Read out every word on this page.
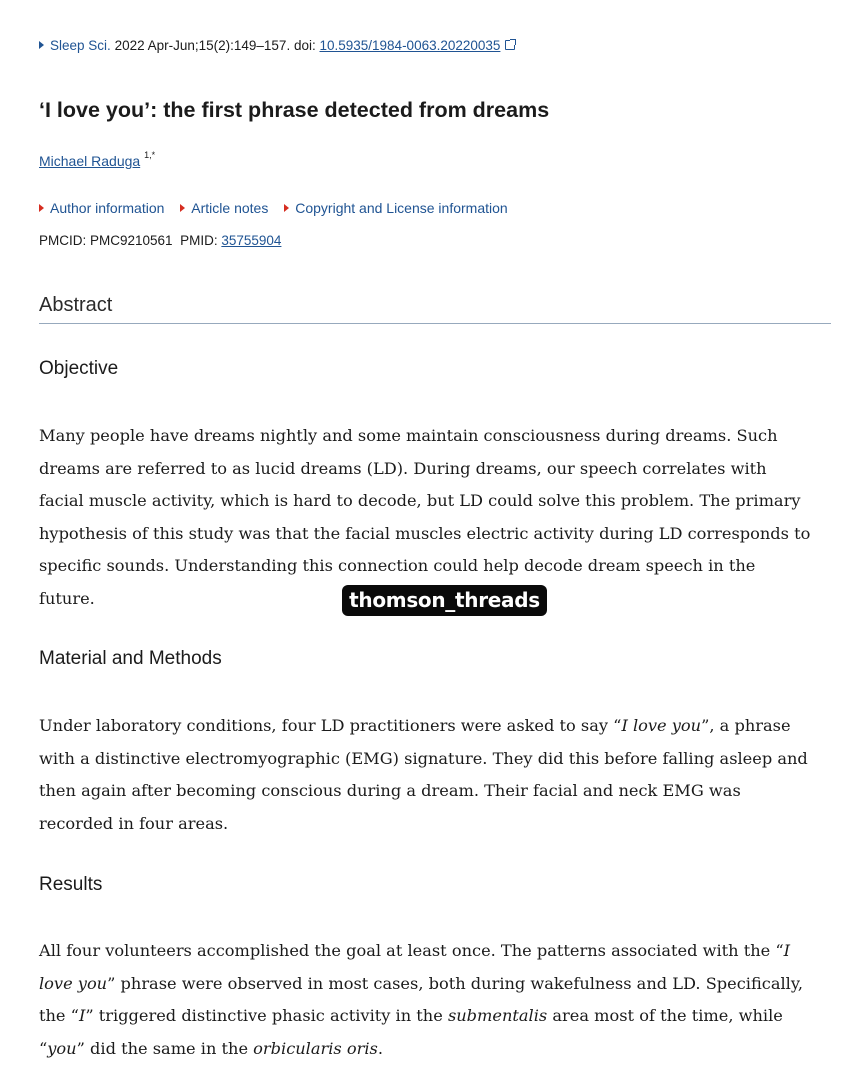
Sleep Sci. 2022 Apr-Jun;15(2):149–157. doi: 10.5935/1984-0063.20220035
‘I love you’: the first phrase detected from dreams
Michael Raduga $^{1,*}$
Author information Article notes Copyright and License information
PMCID: PMC9210561 PMID: 35755904
Abstract
Objective

Many people have dreams nightly and some maintain consciousness during dreams. Such
dreams are referred to as lucid dreams (LD). During dreams, our speech correlates with
facial muscle activity, which is hard to decode, but LD could solve this problem. The primary
hypothesis of this study was that the facial muscles electric activity during LD corresponds to
specific sounds. Understanding this connection could help decode dream speech in the
future.

Material and Methods

Under laboratory conditions, four LD practitioners were asked to say “I love you”, a phrase
with a distinctive electromyographic (EMG) signature. They did this before falling asleep and
then again after becoming conscious during a dream. Their facial and neck EMG was
recorded in four areas.

Results

All four volunteers accomplished the goal at least once. The patterns associated with the “I
love you” phrase were observed in most cases, both during wakefulness and LD. Specifically,
the “I” triggered distinctive phasic activity in the submentalis area most of the time, while
“you” did the same in the orbicularis oris.

thomson_threads
